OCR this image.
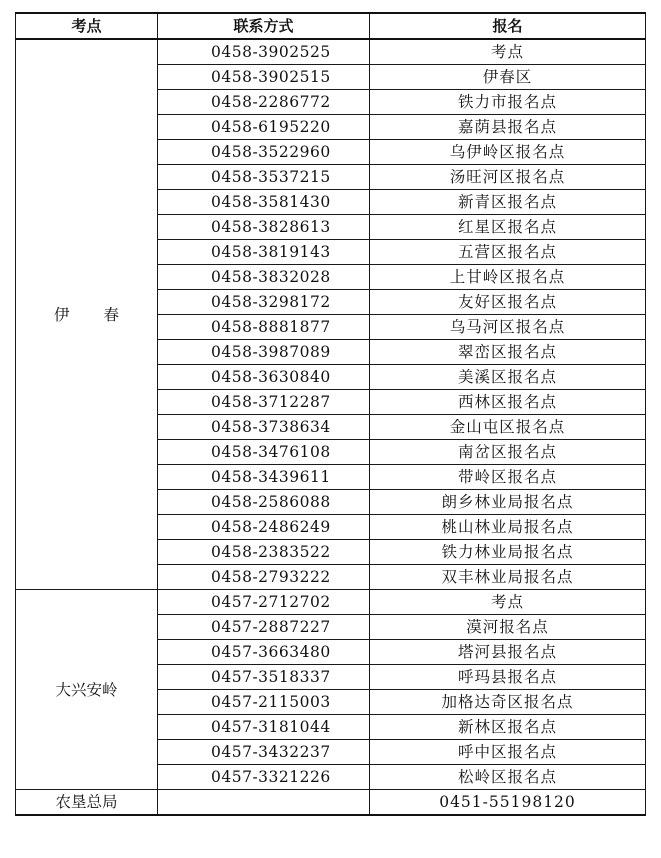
考点	联系方式	报名
伊春	0458-3902525	考点
	0458-3902515	伊春区
	0458-2286772	铁力市报名点
	0458-6195220	嘉荫县报名点
	0458-3522960	乌伊岭区报名点
	0458-3537215	汤旺河区报名点
	0458-3581430	新青区报名点
	0458-3828613	红星区报名点
	0458-3819143	五营区报名点
	0458-3832028	上甘岭区报名点
	0458-3298172	友好区报名点
	0458-8881877	乌马河区报名点
	0458-3987089	翠峦区报名点
	0458-3630840	美溪区报名点
	0458-3712287	西林区报名点
	0458-3738634	金山屯区报名点
	0458-3476108	南岔区报名点
	0458-3439611	带岭区报名点
	0458-2586088	朗乡林业局报名点
	0458-2486249	桃山林业局报名点
	0458-2383522	铁力林业局报名点
	0458-2793222	双丰林业局报名点
大兴安岭	0457-2712702	考点
	0457-2887227	漠河报名点
	0457-3663480	塔河县报名点
	0457-3518337	呼玛县报名点
	0457-2115003	加格达奇区报名点
	0457-3181044	新林区报名点
	0457-3432237	呼中区报名点
	0457-3321226	松岭区报名点
农垦总局		0451-55198120
